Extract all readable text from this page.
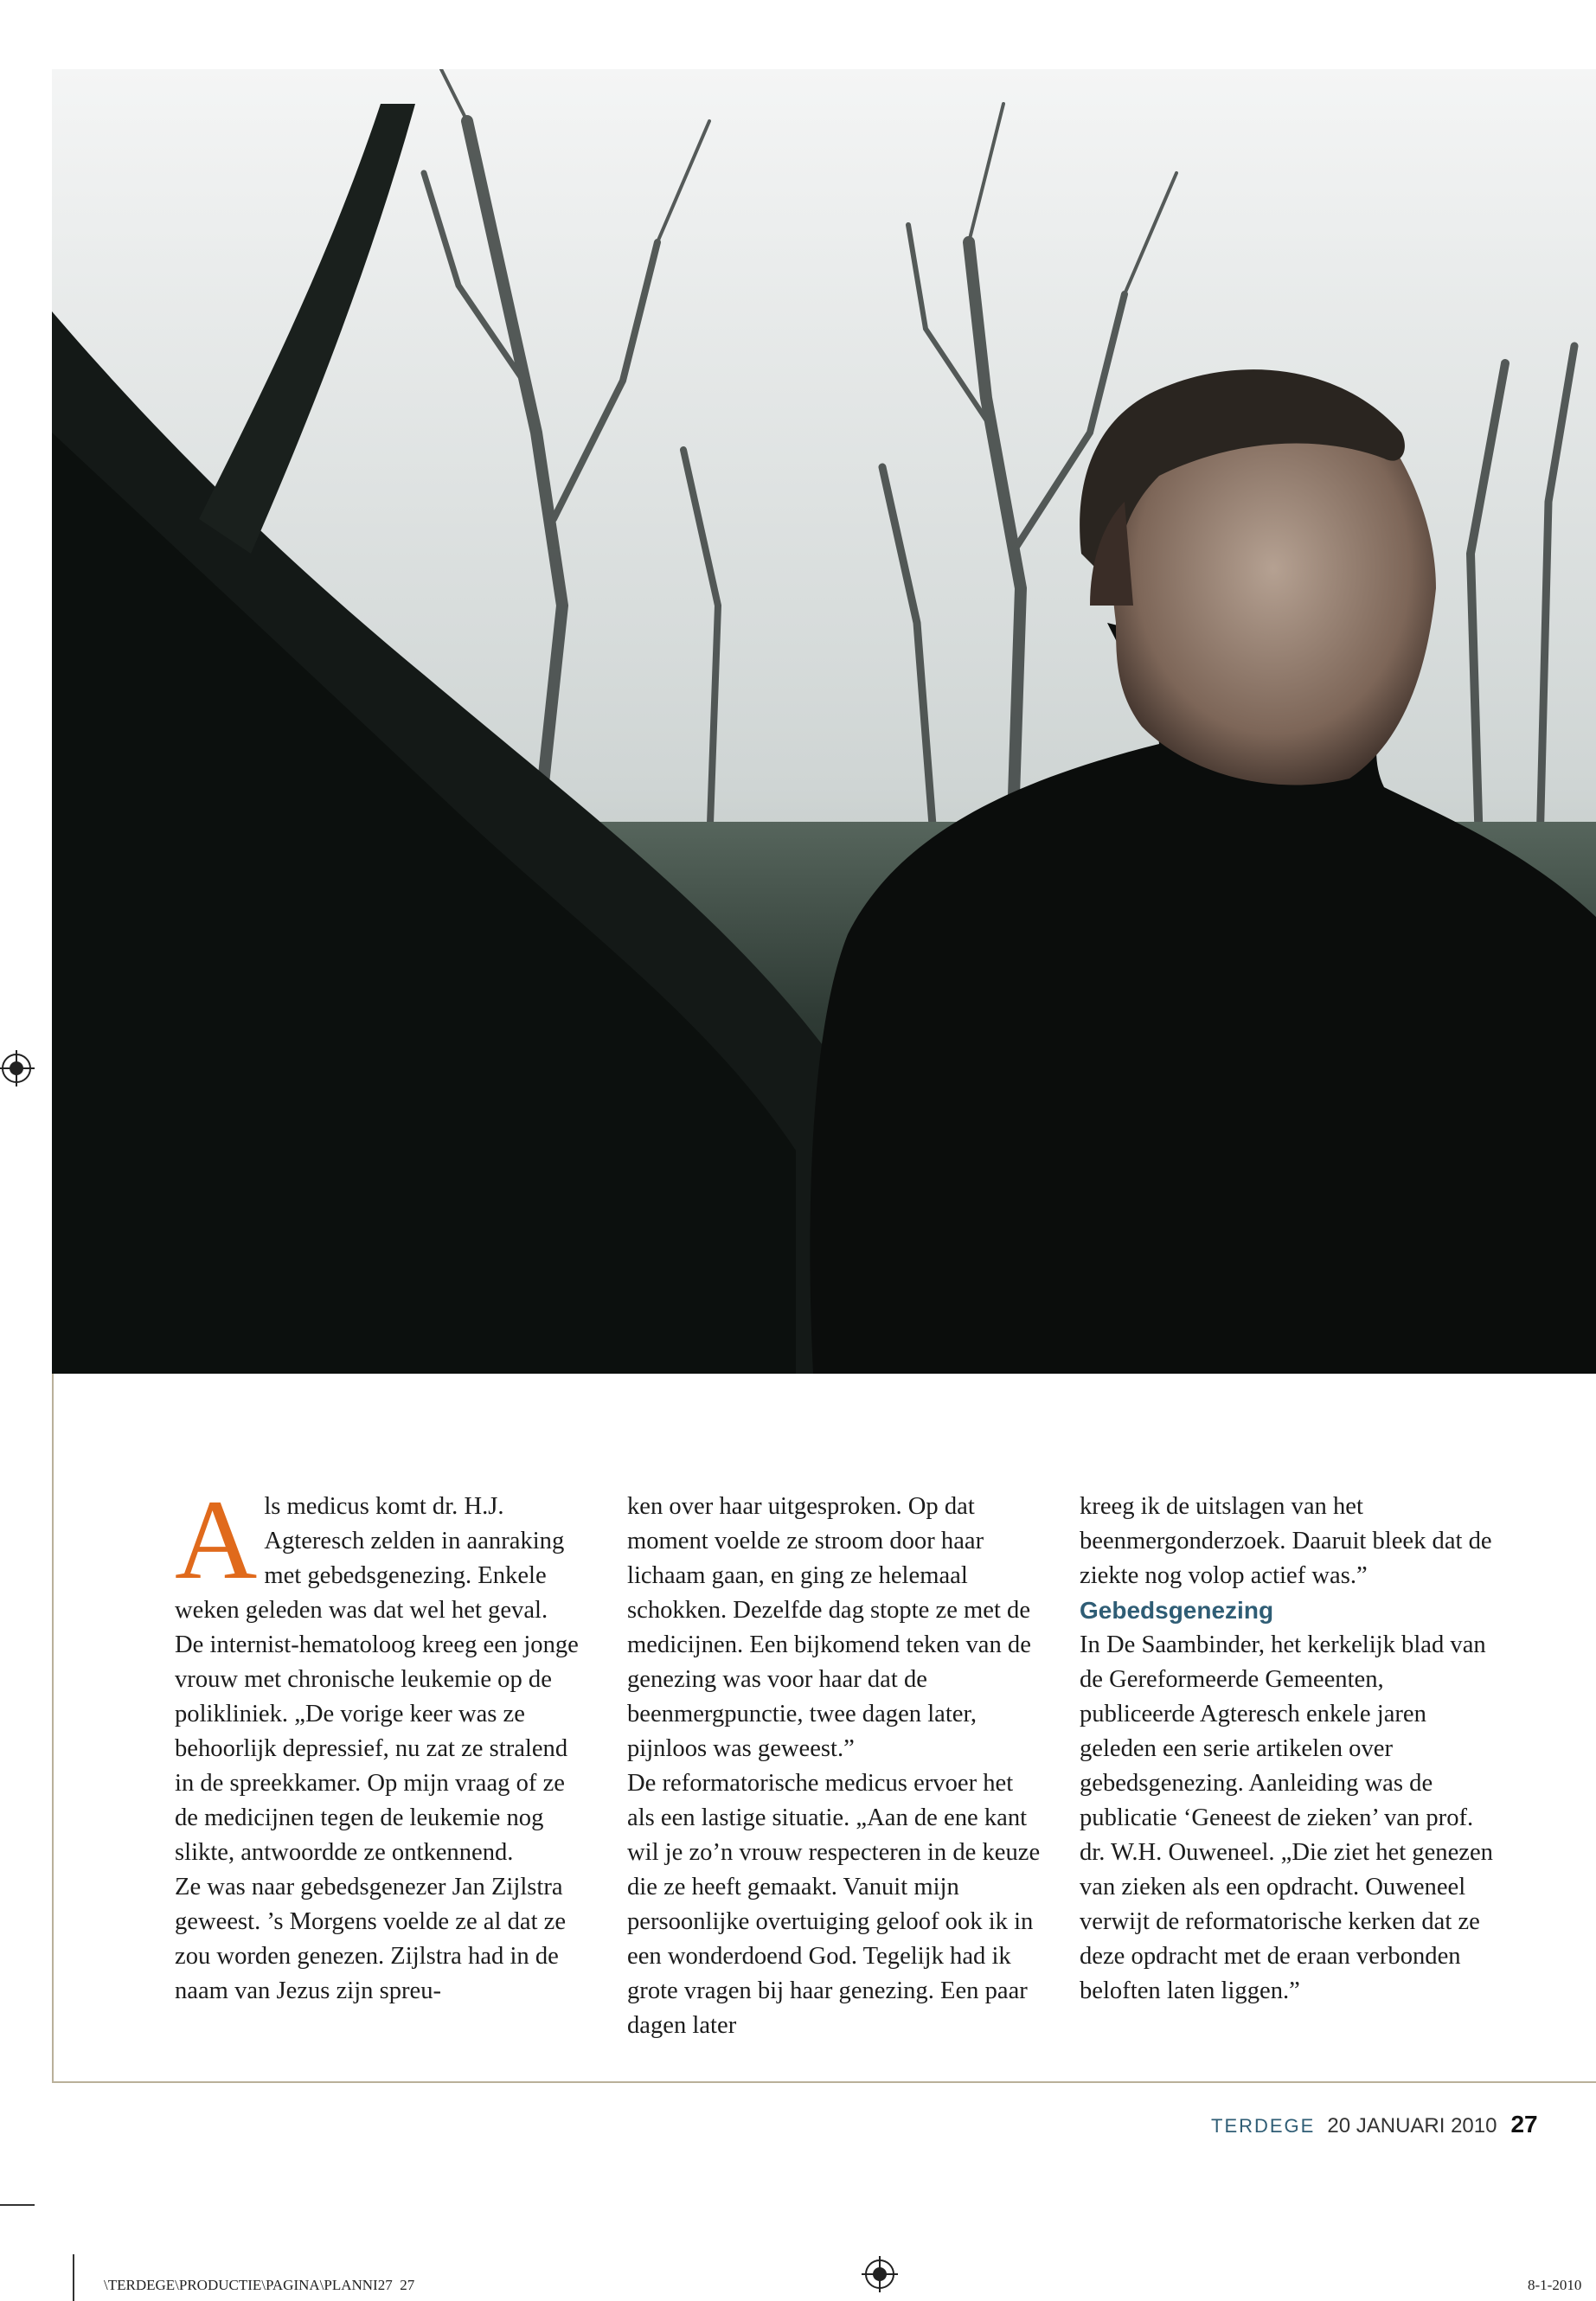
Als medicus komt dr. H.J. Agteresch zelden in aanraking met gebedsgenezing. Enkele weken geleden was dat wel het geval.

De internist-hematoloog kreeg een jonge vrouw met chronische leukemie op de polikliniek. „De vorige keer was ze behoorlijk depressief, nu zat ze stralend in de spreekkamer. Op mijn vraag of ze de medicijnen tegen de leukemie nog slikte, antwoordde ze ontkennend.

Ze was naar gebedsgenezer Jan Zijlstra geweest. ’s Morgens voelde ze al dat ze zou worden genezen. Zijlstra had in de naam van Jezus zijn spreu-

ken over haar uitgesproken. Op dat moment voelde ze stroom door haar lichaam gaan, en ging ze helemaal schokken. Dezelfde dag stopte ze met de medicijnen. Een bijkomend teken van de genezing was voor haar dat de beenmergpunctie, twee dagen later, pijnloos was geweest.”

De reformatorische medicus ervoer het als een lastige situatie. „Aan de ene kant wil je zo’n vrouw respecteren in de keuze die ze heeft gemaakt. Vanuit mijn persoonlijke overtuiging geloof ook ik in een wonderdoend God. Tegelijk had ik grote vragen bij haar genezing. Een paar dagen later

kreeg ik de uitslagen van het beenmergonderzoek. Daaruit bleek dat de ziekte nog volop actief was.”

Gebedsgenezing

In De Saambinder, het kerkelijk blad van de Gereformeerde Gemeenten, publiceerde Agteresch enkele jaren geleden een serie artikelen over gebedsgenezing. Aanleiding was de publicatie ‘Geneest de zieken’ van prof. dr. W.H. Ouweneel. „Die ziet het genezen van zieken als een opdracht. Ouweneel verwijt de reformatorische kerken dat ze deze opdracht met de eraan verbonden beloften laten liggen.”

TERDEGE 20 JANUARI 2010 27
\TERDEGE\PRODUCTIE\PAGINA\PLANNI27 27	8-1-2010
